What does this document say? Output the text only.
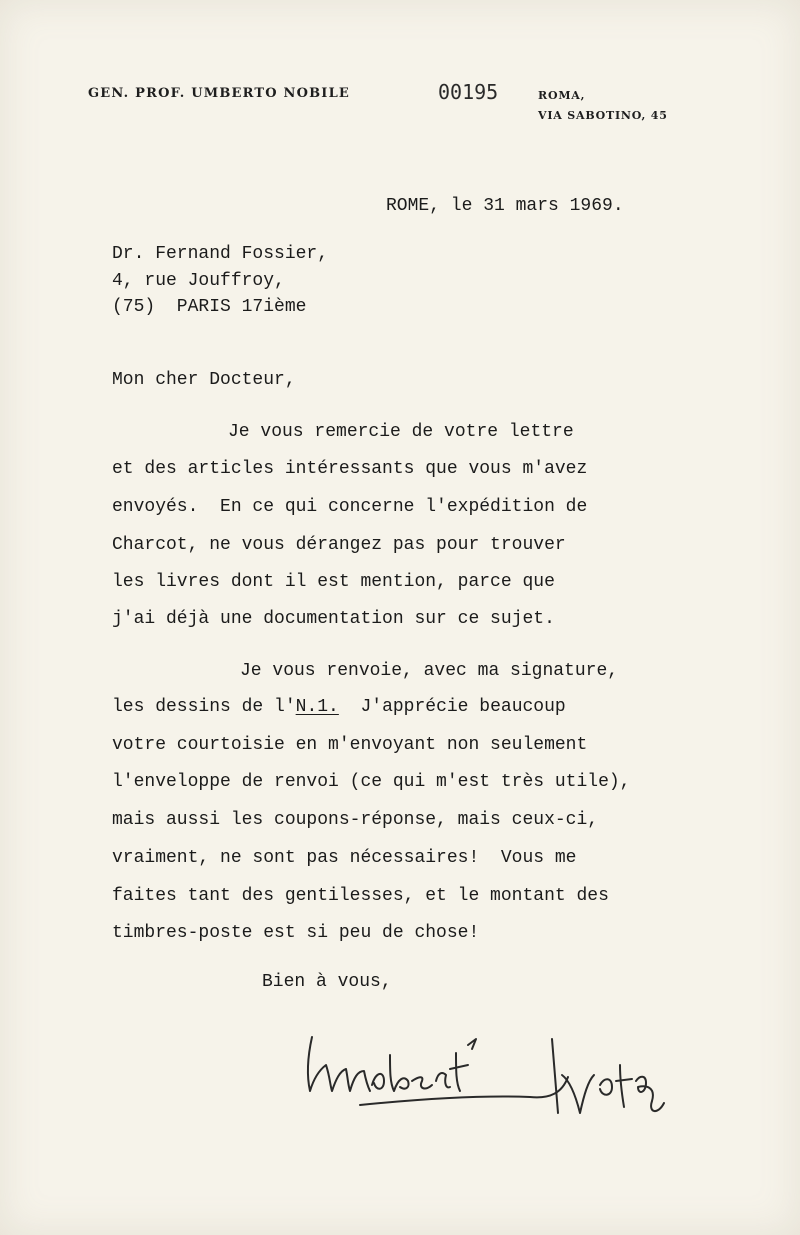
GEN. PROF. UMBERTO NOBILE	00195	ROMA,
VIA SABOTINO, 45
ROME, le 31 mars 1969.
Dr. Fernand Fossier,
4, rue Jouffroy,
(75)  PARIS 17ième
Mon cher Docteur,
Je vous remercie de votre lettre
et des articles intéressants que vous m'avez
envoyés.  En ce qui concerne l'expédition de
Charcot, ne vous dérangez pas pour trouver
les livres dont il est mention, parce que
j'ai déjà une documentation sur ce sujet.
Je vous renvoie, avec ma signature,
les dessins de l'N.1.  J'apprécie beaucoup
votre courtoisie en m'envoyant non seulement
l'enveloppe de renvoi (ce qui m'est très utile),
mais aussi les coupons-réponse, mais ceux-ci,
vraiment, ne sont pas nécessaires!  Vous me
faites tant des gentilesses, et le montant des
timbres-poste est si peu de chose!
Bien à vous,
